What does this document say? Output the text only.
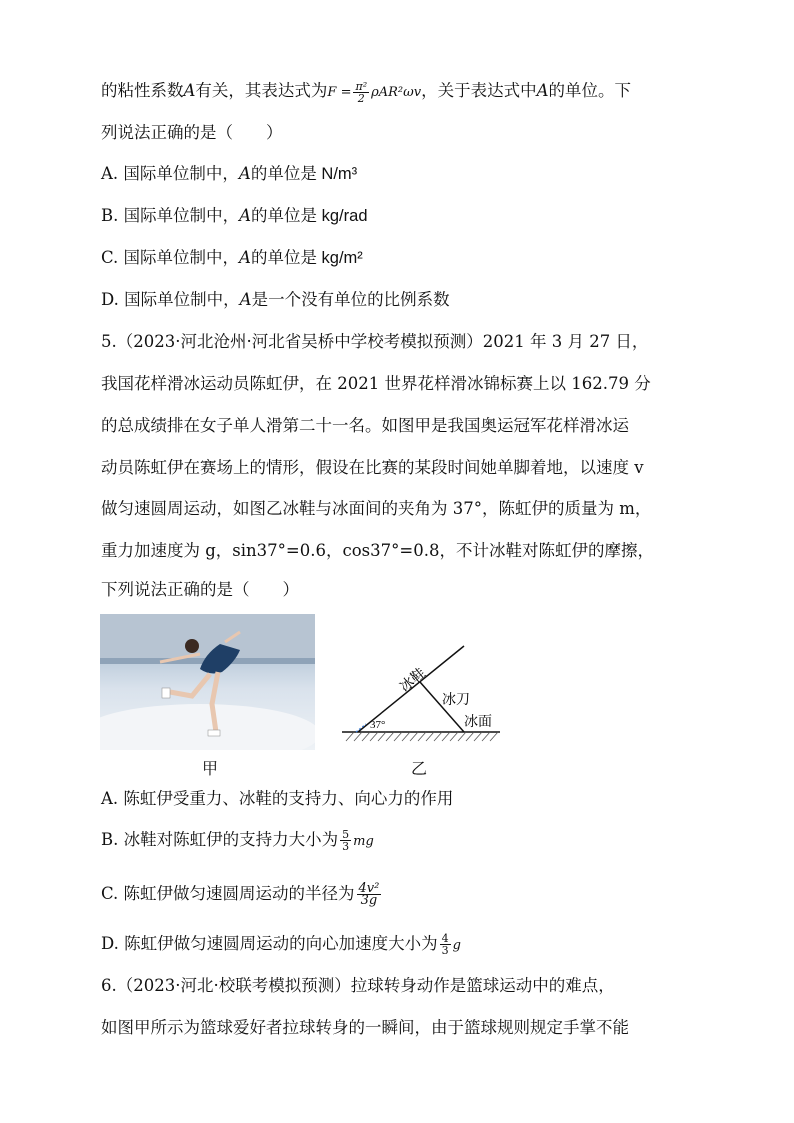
的粘性系数A有关，其表达式为$F = \frac{\text{π²}}{2} \rho AR^2\omega v$，关于表达式中A的单位。下
列说法正确的是（　　）
A. 国际单位制中，A的单位是 N/m³
B. 国际单位制中，A的单位是 kg/rad
C. 国际单位制中，A的单位是 kg/m²
D. 国际单位制中，A是一个没有单位的比例系数
5.（2023·河北沧州·河北省吴桥中学校考模拟预测）2021 年 3 月 27 日，
我国花样滑冰运动员陈虹伊，在 2021 世界花样滑冰锦标赛上以 162.79 分
的总成绩排在女子单人滑第二十一名。如图甲是我国奥运冠军花样滑冰运
动员陈虹伊在赛场上的情形，假设在比赛的某段时间她单脚着地，以速度 v
做匀速圆周运动，如图乙冰鞋与冰面间的夹角为 37°，陈虹伊的质量为 m，
重力加速度为 g，sin37°=0.6，cos37°=0.8，不计冰鞋对陈虹伊的摩擦，
下列说法正确的是（　　）
甲
37°
冰鞋
冰刀
冰面
乙
A. 陈虹伊受重力、冰鞋的支持力、向心力的作用
B. 冰鞋对陈虹伊的支持力大小为 $\frac{5}{3}$ mg
C. 陈虹伊做匀速圆周运动的半径为 $\frac{\text{4v²}}{3g}$
D. 陈虹伊做匀速圆周运动的向心加速度大小为 $\frac{4}{3}$ g
6.（2023·河北·校联考模拟预测）拉球转身动作是篮球运动中的难点，
如图甲所示为篮球爱好者拉球转身的一瞬间，由于篮球规则规定手掌不能
